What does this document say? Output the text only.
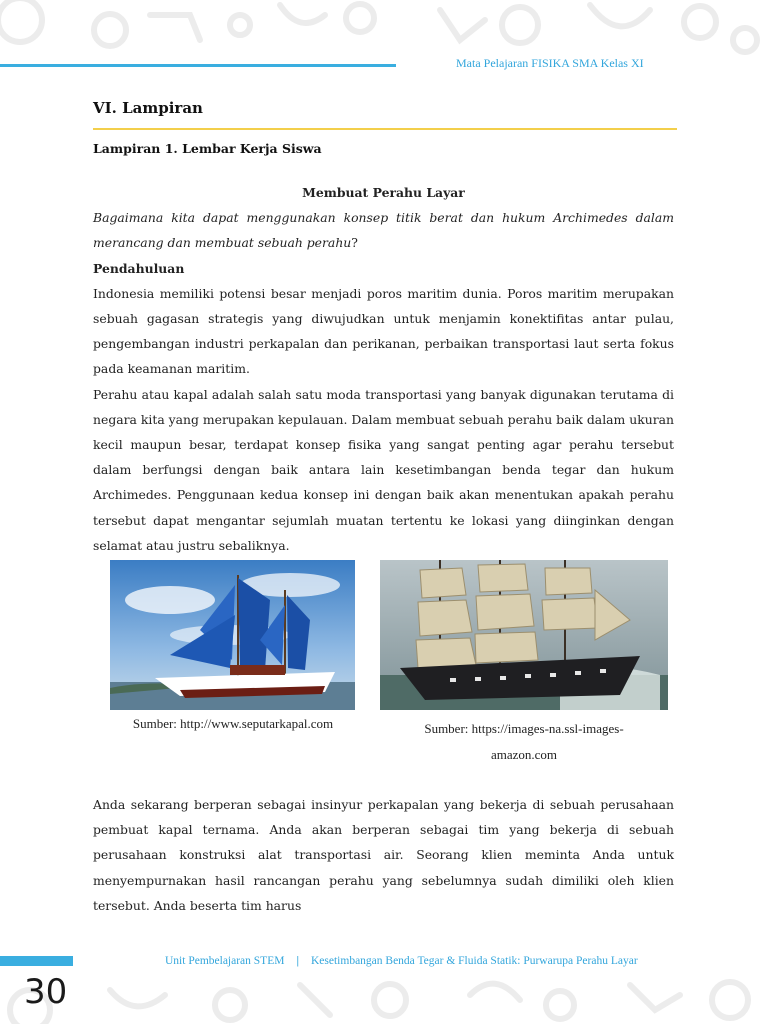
Mata Pelajaran FISIKA SMA Kelas XI
VI. Lampiran
Lampiran 1. Lembar Kerja Siswa

Membuat Perahu Layar

Bagaimana kita dapat menggunakan konsep titik berat dan hukum Archimedes dalam merancang dan membuat sebuah perahu?

Pendahuluan

Indonesia memiliki potensi besar menjadi poros maritim dunia. Poros maritim merupakan sebuah gagasan strategis yang diwujudkan untuk menjamin konektifitas antar pulau, pengembangan industri perkapalan dan perikanan, perbaikan transportasi laut serta fokus pada keamanan maritim.

Perahu atau kapal adalah salah satu moda transportasi yang banyak digunakan terutama di negara kita yang merupakan kepulauan. Dalam membuat sebuah perahu baik dalam ukuran kecil maupun besar, terdapat konsep fisika yang sangat penting agar perahu tersebut dalam berfungsi dengan baik antara lain kesetimbangan benda tegar dan hukum Archimedes. Penggunaan kedua konsep ini dengan baik akan menentukan apakah perahu tersebut dapat mengantar sejumlah muatan tertentu ke lokasi yang diinginkan dengan selamat atau justru sebaliknya.

Sumber: http://www.seputarkapal.com	Sumber: https://images-na.ssl-images-amazon.com

Anda sekarang berperan sebagai insinyur perkapalan yang bekerja di sebuah perusahaan pembuat kapal ternama. Anda akan berperan sebagai tim yang bekerja di sebuah perusahaan konstruksi alat transportasi air. Seorang klien meminta Anda untuk menyempurnakan hasil rancangan perahu yang sebelumnya sudah dimiliki oleh klien tersebut. Anda beserta tim harus

Unit Pembelajaran STEM | Kesetimbangan Benda Tegar & Fluida Statik: Purwarupa Perahu Layar
30
